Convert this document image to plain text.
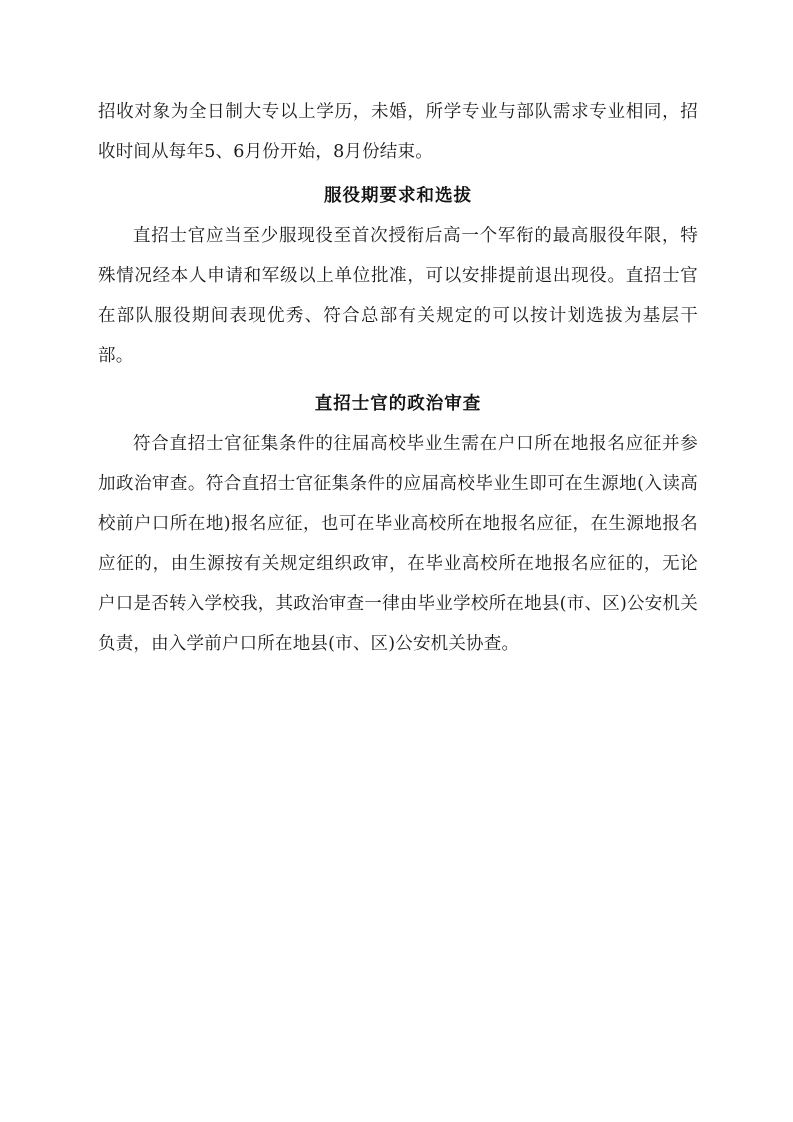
招收对象为全日制大专以上学历，未婚，所学专业与部队需求专业相同，招收时间从每年5、6月份开始，8月份结束。

服役期要求和选拔

直招士官应当至少服现役至首次授衔后高一个军衔的最高服役年限，特殊情况经本人申请和军级以上单位批准，可以安排提前退出现役。直招士官在部队服役期间表现优秀、符合总部有关规定的可以按计划选拔为基层干部。

直招士官的政治审查

符合直招士官征集条件的往届高校毕业生需在户口所在地报名应征并参加政治审查。符合直招士官征集条件的应届高校毕业生即可在生源地(入读高校前户口所在地)报名应征，也可在毕业高校所在地报名应征，在生源地报名应征的，由生源按有关规定组织政审，在毕业高校所在地报名应征的，无论户口是否转入学校我，其政治审查一律由毕业学校所在地县(市、区)公安机关负责，由入学前户口所在地县(市、区)公安机关协查。
